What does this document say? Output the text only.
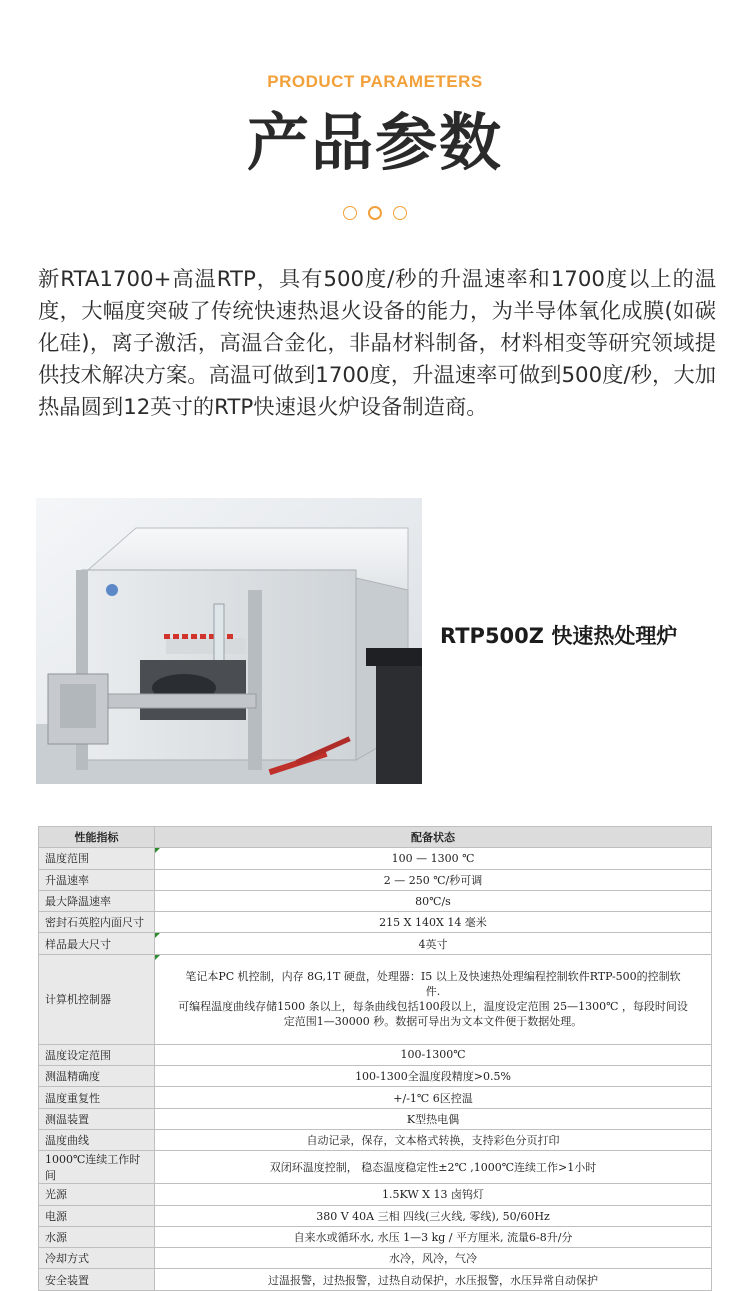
PRODUCT PARAMETERS
产品参数

新RTA1700+高温RTP，具有500度/秒的升温速率和1700度以上的温度，大幅度突破了传统快速热退火设备的能力，为半导体氧化成膜(如碳化硅)，离子激活，高温合金化，非晶材料制备，材料相变等研究领域提供技术解决方案。高温可做到1700度，升温速率可做到500度/秒，大加热晶圆到12英寸的RTP快速退火炉设备制造商。

RTP500Z 快速热处理炉
性能指标	配备状态
温度范围	100 — 1300 ℃
升温速率	2 — 250 ℃/秒可调
最大降温速率	80℃/s
密封石英腔内面尺寸	215 X 140X 14 毫米
样品最大尺寸	4英寸
计算机控制器	笔记本PC 机控制，内存 8G,1T 硬盘，处理器：I5 以上及快速热处理编程控制软件RTP-500的控制软
件.
可编程温度曲线存储1500 条以上，每条曲线包括100段以上，温度设定范围 25—1300℃ ，每段时间设
定范围1—30000 秒。数据可导出为文本文件便于数据处理。

温度设定范围	100-1300℃
测温精确度	100-1300全温度段精度>0.5%
温度重复性	+/-1℃ 6区控温
测温装置	K型热电偶
温度曲线	自动记录，保存，文本格式转换，支持彩色分页打印
1000℃连续工作时间	双闭环温度控制， 稳态温度稳定性±2℃ ,1000℃连续工作>1小时
光源	1.5KW X 13 卤钨灯
电源	380 V 40A 三相 四线(三火线, 零线), 50/60Hz
水源	自来水或循环水, 水压 1—3 kg / 平方厘米, 流量6-8升/分
冷却方式	水冷，风冷，气冷
安全装置	过温报警，过热报警，过热自动保护，水压报警，水压异常自动保护
